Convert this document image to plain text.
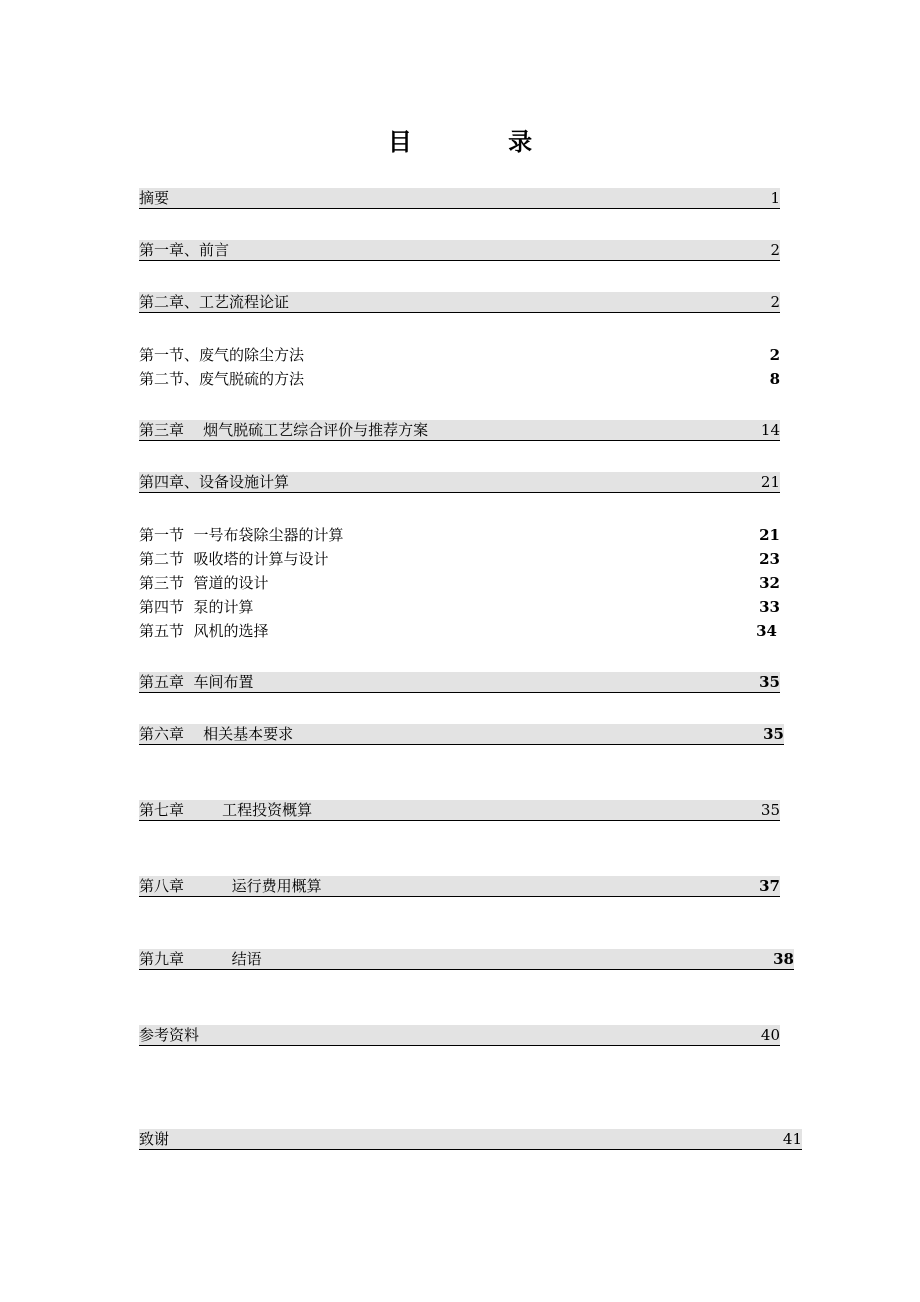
目 录
摘要	1
第一章、前言	2
第二章、工艺流程论证	2
第一节、废气的除尘方法	2
第二节、废气脱硫的方法	8
第三章    烟气脱硫工艺综合评价与推荐方案	14
第四章、设备设施计算	21
第一节  一号布袋除尘器的计算	21
第二节  吸收塔的计算与设计	23
第三节  管道的设计	32
第四节  泵的计算	33
第五节  风机的选择	34
第五章  车间布置	35
第六章    相关基本要求	35
第七章        工程投资概算	35
第八章          运行费用概算	37
第九章          结语	38
参考资料	40
致谢	41
